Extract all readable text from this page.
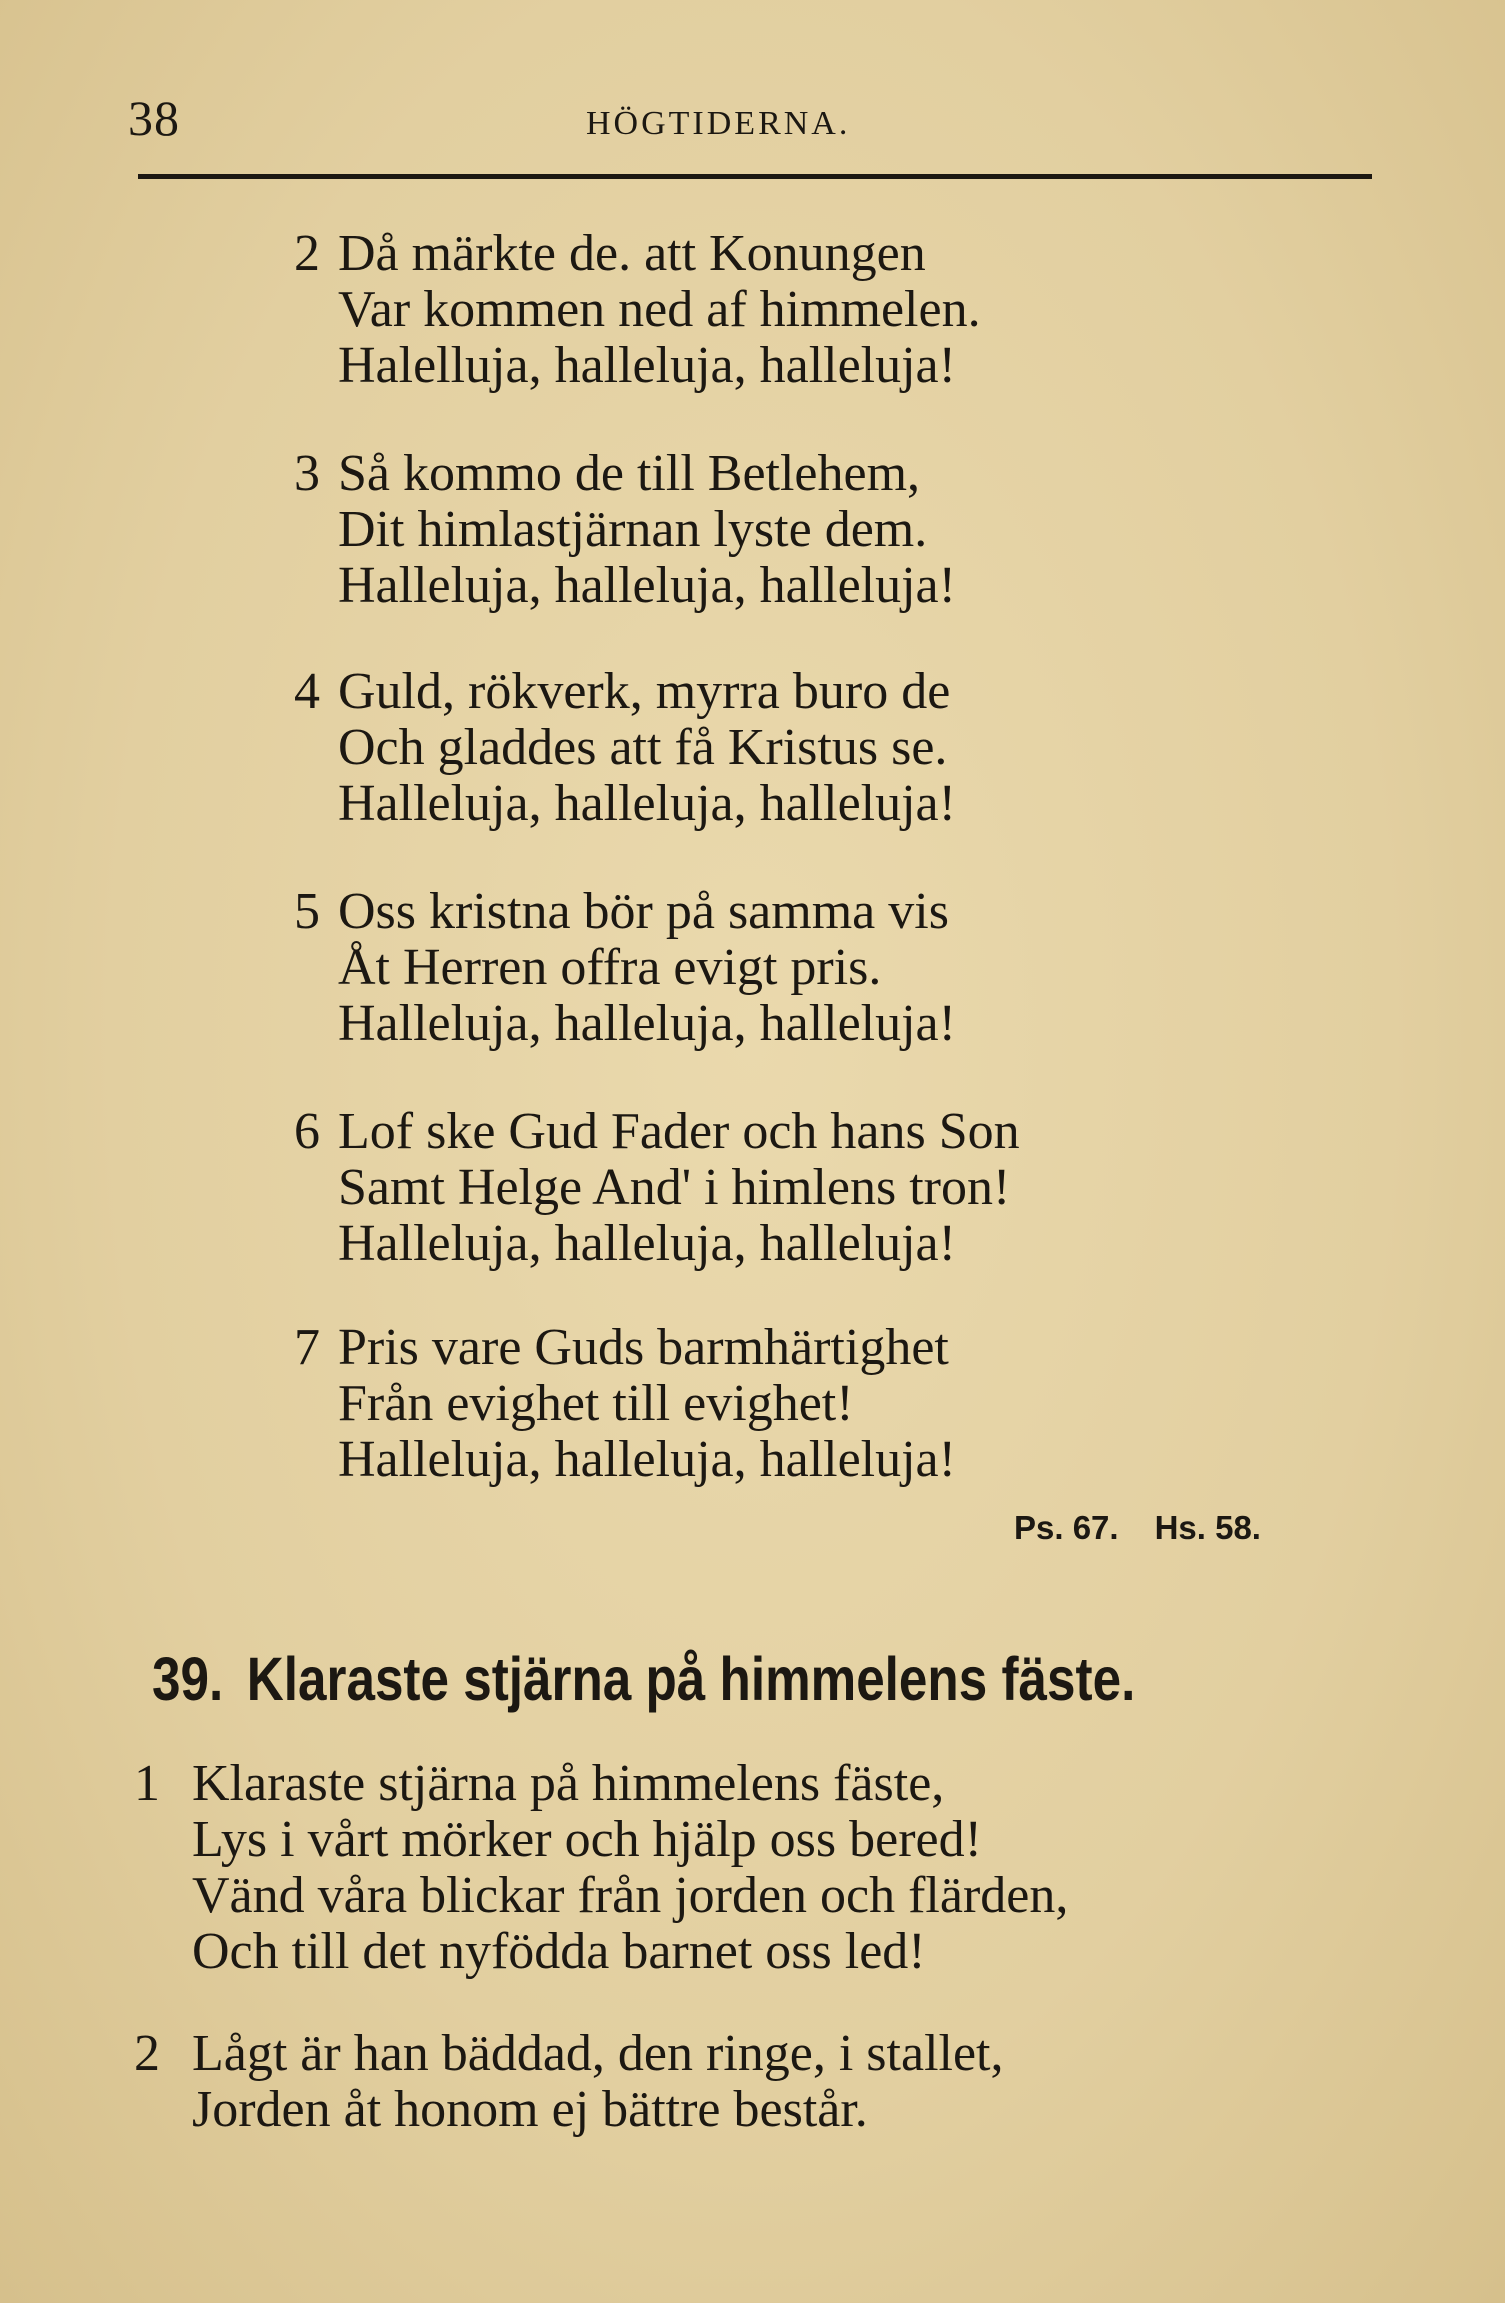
38	HÖGTIDERNA.
2 Då märkte de. att Konungen
Var kommen ned af himmelen.
Halelluja, halleluja, halleluja!
3 Så kommo de till Betlehem,
Dit himlastjärnan lyste dem.
Halleluja, halleluja, halleluja!
4 Guld, rökverk, myrra buro de
Och gladdes att få Kristus se.
Halleluja, halleluja, halleluja!
5 Oss kristna bör på samma vis
Åt Herren offra evigt pris.
Halleluja, halleluja, halleluja!
6 Lof ske Gud Fader och hans Son
Samt Helge And' i himlens tron!
Halleluja, halleluja, halleluja!
7 Pris vare Guds barmhärtighet
Från evighet till evighet!
Halleluja, halleluja, halleluja!
Ps. 67. Hs. 58.
39. Klaraste stjärna på himmelens fäste.
1 Klaraste stjärna på himmelens fäste,
Lys i vårt mörker och hjälp oss bered!
Vänd våra blickar från jorden och flärden,
Och till det nyfödda barnet oss led!
2 Lågt är han bäddad, den ringe, i stallet,
Jorden åt honom ej bättre består.
